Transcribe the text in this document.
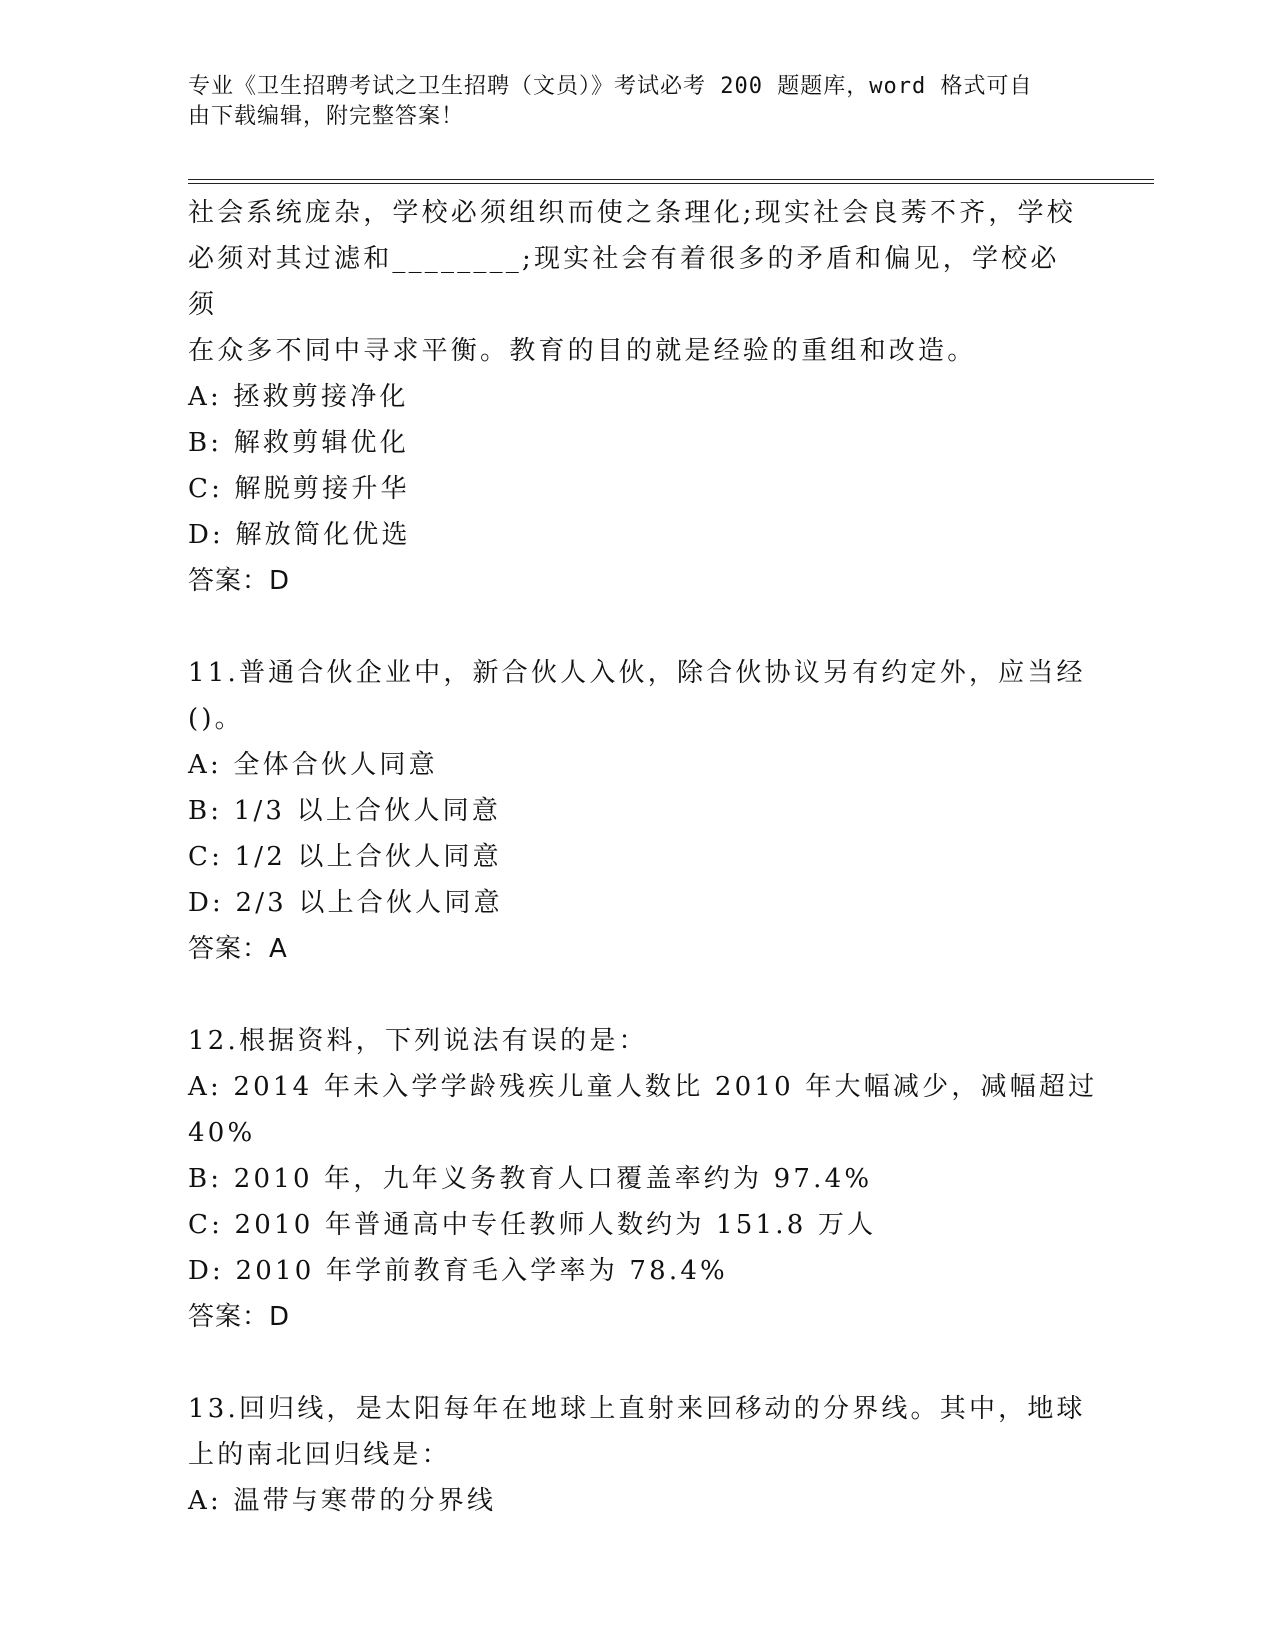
专业《卫生招聘考试之卫生招聘（文员）》考试必考 200 题题库，word 格式可自
由下载编辑，附完整答案！

社会系统庞杂，学校必须组织而使之条理化;现实社会良莠不齐，学校

必须对其过滤和________;现实社会有着很多的矛盾和偏见，学校必须

在众多不同中寻求平衡。教育的目的就是经验的重组和改造。

A: 拯救剪接净化

B: 解救剪辑优化

C: 解脱剪接升华

D: 解放简化优选

答案：D

11.普通合伙企业中，新合伙人入伙，除合伙协议另有约定外，应当经

()。

A: 全体合伙人同意

B: 1/3 以上合伙人同意

C: 1/2 以上合伙人同意

D: 2/3 以上合伙人同意

答案：A

12.根据资料，下列说法有误的是：

A: 2014 年未入学学龄残疾儿童人数比 2010 年大幅减少，减幅超过

40%

B: 2010 年，九年义务教育人口覆盖率约为 97.4%

C: 2010 年普通高中专任教师人数约为 151.8 万人

D: 2010 年学前教育毛入学率为 78.4%

答案：D

13.回归线，是太阳每年在地球上直射来回移动的分界线。其中，地球

上的南北回归线是：

A: 温带与寒带的分界线
